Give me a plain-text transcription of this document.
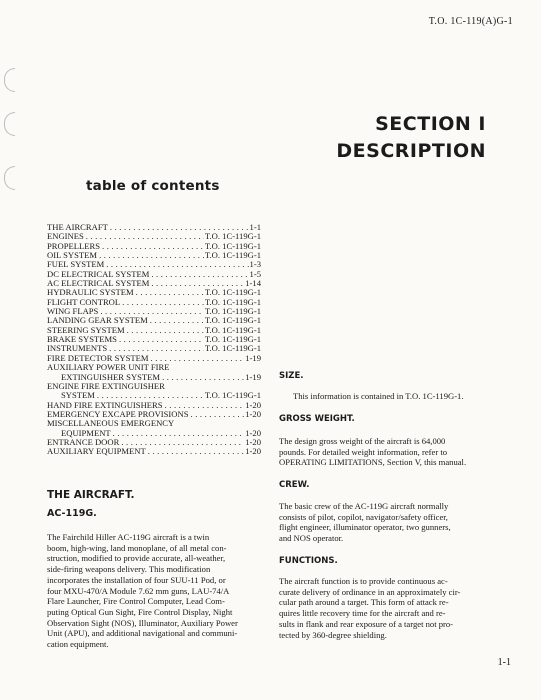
T.O. 1C-119(A)G-1
SECTION I
DESCRIPTION
table of contents
THE AIRCRAFT . . .	1-1
ENGINES . . .	T.O. 1C-119G-1
PROPELLERS . . .	T.O. 1C-119G-1
OIL SYSTEM . . .	T.O. 1C-119G-1
FUEL SYSTEM . . .	1-3
DC ELECTRICAL SYSTEM . . .	1-5
AC ELECTRICAL SYSTEM . . .	1-14
HYDRAULIC SYSTEM . . .	T.O. 1C-119G-1
FLIGHT CONTROL . . .	T.O. 1C-119G-1
WING FLAPS . . .	T.O. 1C-119G-1
LANDING GEAR SYSTEM . . .	T.O. 1C-119G-1
STEERING SYSTEM . . .	T.O. 1C-119G-1
BRAKE SYSTEMS . . .	T.O. 1C-119G-1
INSTRUMENTS . . .	T.O. 1C-119G-1
FIRE DETECTOR SYSTEM . . .	1-19
AUXILIARY POWER UNIT FIRE
EXTINGUISHER SYSTEM . . .	1-19
ENGINE FIRE EXTINGUISHER
SYSTEM . . .	T.O. 1C-119G-1
HAND FIRE EXTINGUISHERS . . .	1-20
EMERGENCY EXCAPE PROVISIONS . . .	1-20
MISCELLANEOUS EMERGENCY
EQUIPMENT . . .	1-20
ENTRANCE DOOR . . .	1-20
AUXILIARY EQUIPMENT . . .	1-20
THE AIRCRAFT.
AC-119G.
The Fairchild Hiller AC-119G aircraft is a twin
boom, high-wing, land monoplane, of all metal con-
struction, modified to provide accurate, all-weather,
side-firing weapons delivery. This modification
incorporates the installation of four SUU-11 Pod, or
four MXU-470/A Module 7.62 mm guns, LAU-74/A
Flare Launcher, Fire Control Computer, Lead Com-
puting Optical Gun Sight, Fire Control Display, Night
Observation Sight (NOS), Illuminator, Auxiliary Power
Unit (APU), and additional navigational and communi-
cation equipment.
SIZE.
This information is contained in T.O. 1C-119G-1.
GROSS WEIGHT.
The design gross weight of the aircraft is 64,000
pounds. For detailed weight information, refer to
OPERATING LIMITATIONS, Section V, this manual.
CREW.
The basic crew of the AC-119G aircraft normally
consists of pilot, copilot, navigator/safety officer,
flight engineer, illuminator operator, two gunners,
and NOS operator.
FUNCTIONS.
The aircraft function is to provide continuous ac-
curate delivery of ordinance in an approximately cir-
cular path around a target. This form of attack re-
quires little recovery time for the aircraft and re-
sults in flank and rear exposure of a target not pro-
tected by 360-degree shielding.
1-1
